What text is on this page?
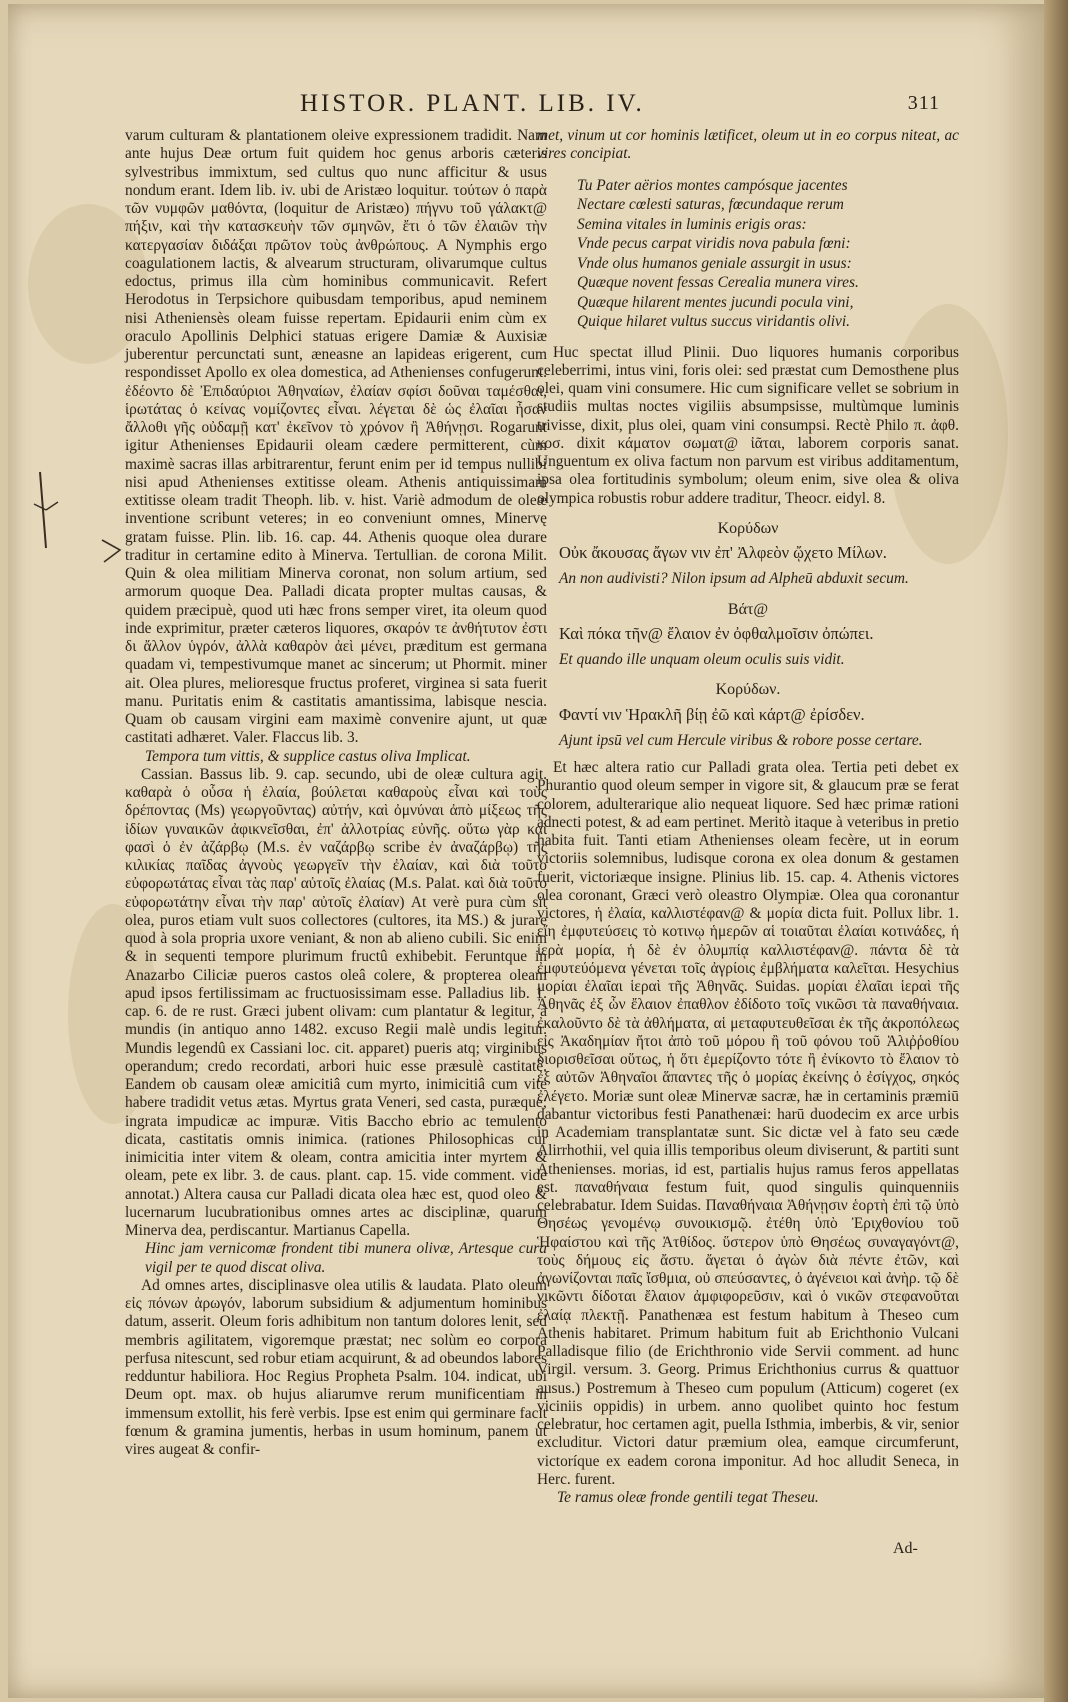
HISTOR. PLANT. LIB. IV.	311

varum culturam & plantationem oleive expressionem tradidit. Nam ante hujus Deæ ortum fuit quidem hoc genus arboris cæteris sylvestribus immixtum, sed cultus quo nunc afficitur & usus nondum erant. Idem lib. iv. ubi de Aristæo loquitur. τούτων ὁ παρὰ τῶν νυμφῶν μαθόντα, (loquitur de Aristæo) πήγνυ τοῦ γάλακτ@ πήξιν, καὶ τὴν κατασκευὴν τῶν σμηνῶν, ἔτι ὁ τῶν ἐλαιῶν τὴν κατεργασίαν διδάξαι πρῶτον τοὺς ἀνθρώπους. A Nymphis ergo coagulationem lactis, & alvearum structuram, olivarumque cultus edoctus, primus illa cùm hominibus communicavit. Refert Herodotus in Terpsichore quibusdam temporibus, apud neminem nisi Atheniensès oleam fuisse repertam. Epidaurii enim cùm ex oraculo Apollinis Delphici statuas erigere Damiæ & Auxisiæ juberentur percunctati sunt, æneasne an lapideas erigerent, cum respondisset Apollo ex olea domestica, ad Athenienses confugerunt. ἐδέοντο δὲ Ἐπιδαύριοι Ἀθηναίων, ἐλαίαν σφίσι δοῦναι ταμέσθαι, ἱρωτάτας ὁ κείνας νομίζοντες εἶναι. λέγεται δὲ ὡς ἐλαῖαι ἦσαν ἄλλοθι γῆς οὐδαμῇ κατ' ἐκεῖνον τὸ χρόνον ἢ Ἀθήνῃσι. Rogarunt igitur Athenienses Epidaurii oleam cædere permitterent, cùm maximè sacras illas arbitrarentur, ferunt enim per id tempus nullibi nisi apud Athenienses extitisse oleam. Athenis antiquissimam extitisse oleam tradit Theoph. lib. v. hist. Variè admodum de oleæ inventione scribunt veteres; in eo conveniunt omnes, Minervę gratam fuisse. Plin. lib. 16. cap. 44. Athenis quoque olea durare traditur in certamine edito à Minerva. Tertullian. de corona Milit. Quin & olea militiam Minerva coronat, non solum artium, sed armorum quoque Dea. Palladi dicata propter multas causas, & quidem præcipuè, quod uti hæc frons semper viret, ita oleum quod inde exprimitur, præter cæteros liquores, σκαρόν τε ἀνθήτυτον ἐστι δι ἄλλον ὑγρόν, ἀλλὰ καθαρὸν ἀεὶ μένει, præditum est germana quadam vi, tempestivumque manet ac sincerum; ut Phormit. miner ait. Olea plures, melioresque fructus proferet, virginea si sata fuerit manu. Puritatis enim & castitatis amantissima, labisque nescia. Quam ob causam virgini eam maximè convenire ajunt, ut quæ castitati adhæret. Valer. Flaccus lib. 3.

Tempora tum vittis, & supplice castus oliva Implicat.

Cassian. Bassus lib. 9. cap. secundo, ubi de oleæ cultura agit. καθαρὰ ὁ οὖσα ἡ ἐλαία, βούλεται καθαροὺς εἶναι καὶ τοὺς δρέποντας (Ms) γεωργοῦντας) αὐτήν, καὶ ὀμνύναι ἀπὸ μίξεως τῆς ἰδίων γυναικῶν ἀφικνεῖσθαι, ἐπ' ἀλλοτρίας εὐνῆς. οὕτω γὰρ καὶ φασὶ ὁ ἐν ἀζάρβῳ (M.s. ἐν ναζάρβῳ scribe ἐν ἀναζάρβῳ) τῆς κιλικίας παῖδας ἀγνοὺς γεωργεῖν τὴν ἐλαίαν, καὶ διὰ τοῦτο εὐφορωτάτας εἶναι τὰς παρ' αὐτοῖς ἐλαίας (M.s. Palat. καὶ διὰ τοῦτο εὐφορωτάτην εἶναι τὴν παρ' αὐτοῖς ἐλαίαν) At verè pura cùm sit olea, puros etiam vult suos collectores (cultores, ita MS.) & jurare quod à sola propria uxore veniant, & non ab alieno cubili. Sic enim & in sequenti tempore plurimum fructû exhibebit. Feruntque in Anazarbo Ciliciæ pueros castos oleâ colere, & propterea oleam apud ipsos fertilissimam ac fructuosissimam esse. Palladius lib. 1. cap. 6. de re rust. Græci jubent olivam: cum plantatur & legitur, à mundis (in antiquo anno 1482. excuso Regii malè undis legitur. Mundis legendû ex Cassiani loc. cit. apparet) pueris atq; virginibus operandum; credo recordati, arbori huic esse præsulè castitatê. Eandem ob causam oleæ amicitiâ cum myrto, inimicitiâ cum vite habere tradidit vetus ætas. Myrtus grata Veneri, sed casta, puræque; ingrata impudicæ ac impuræ. Vitis Baccho ebrio ac temulento dicata, castitatis omnis inimica. (rationes Philosophicas cur inimicitia inter vitem & oleam, contra amicitia inter myrtem & oleam, pete ex libr. 3. de caus. plant. cap. 15. vide comment. vide annotat.) Altera causa cur Palladi dicata olea hæc est, quod oleo & lucernarum lucubrationibus omnes artes ac disciplinæ, quarum Minerva dea, perdiscantur. Martianus Capella.

Hinc jam vernicomæ frondent tibi munera olivæ, Artesque cura vigil per te quod discat oliva.

Ad omnes artes, disciplinasve olea utilis & laudata. Plato oleum εἰς πόνων ἀρωγόν, laborum subsidium & adjumentum hominibus datum, asserit. Oleum foris adhibitum non tantum dolores lenit, sed membris agilitatem, vigoremque præstat; nec solùm eo corpora perfusa nitescunt, sed robur etiam acquirunt, & ad obeundos labores redduntur habiliora. Hoc Regius Propheta Psalm. 104. indicat, ubi Deum opt. max. ob hujus aliarumve rerum munificentiam in immensum extollit, his ferè verbis. Ipse est enim qui germinare facit fœnum & gramina jumentis, herbas in usum hominum, panem ut vires augeat & confir-

met, vinum ut cor hominis lætificet, oleum ut in eo corpus niteat, ac vires concipiat.

Tu Pater aërios montes campósque jacentes
Nectare cœlesti saturas, fœcundaque rerum
Semina vitales in luminis erigis oras:
Vnde pecus carpat viridis nova pabula fœni:
Vnde olus humanos geniale assurgit in usus:
Quæque novent fessas Cerealia munera vires.
Quæque hilarent mentes jucundi pocula vini,
Quique hilaret vultus succus viridantis olivi.

Huc spectat illud Plinii. Duo liquores humanis corporibus celeberrimi, intus vini, foris olei: sed præstat cum Demosthene plus olei, quam vini consumere. Hic cum significare vellet se sobrium in studiis multas noctes vigiliis absumpsisse, multùmque luminis trivisse, dixit, plus olei, quam vini consumpsi. Rectè Philo π. ἀφθ. κοσ. dixit κάματον σωματ@ ἰᾶται, laborem corporis sanat. Unguentum ex oliva factum non parvum est viribus additamentum, ipsa olea fortitudinis symbolum; oleum enim, sive olea & oliva olympica robustis robur addere traditur, Theocr. eidyl. 8.

Κορύδων
Οὐκ ἄκουσας ἄγων νιν ἐπ' Ἀλφεὸν ᾤχετο Μίλων.
An non audivisti? Nilon ipsum ad Alpheū abduxit secum.
Βάτ@
Καὶ πόκα τῆν@ ἔλαιον ἐν ὀφθαλμοῖσιν ὀπώπει.
Et quando ille unquam oleum oculis suis vidit.
Κορύδων.
Φαντί νιν Ἡρακλῆ βίῃ ἐῶ καὶ κάρτ@ ἐρίσδεν.
Ajunt ipsū vel cum Hercule viribus & robore posse certare.

Et hæc altera ratio cur Palladi grata olea. Tertia peti debet ex Phurantio quod oleum semper in vigore sit, & glaucum præ se ferat colorem, adulterarique alio nequeat liquore. Sed hæc primæ rationi adnecti potest, & ad eam pertinet. Meritò itaque à veteribus in pretio habita fuit. Tanti etiam Athenienses oleam fecère, ut in eorum victoriis solemnibus, ludisque corona ex olea donum & gestamen fuerit, victoriæque insigne. Plinius lib. 15. cap. 4. Athenis victores olea coronant, Græci verò oleastro Olympiæ. Olea qua coronantur victores, ἡ ἐλαία, καλλιστέφαν@ & μορία dicta fuit. Pollux libr. 1. εἴη ἐμφυτεύσεις τὸ κοτινῳ ἡμερῶν αἱ τοιαῦται ἐλαίαι κοτινάδες, ἡ ἱερὰ μορία, ἡ δὲ ἐν ὀλυμπίᾳ καλλιστέφαν@. πάντα δὲ τὰ ἐμφυτεύόμενα γένεται τοῖς ἀγρίοις ἐμβλήματα καλεῖται. Hesychius μορίαι ἐλαῖαι ἱεραὶ τῆς Ἀθηνᾶς. Suidas. μορίαι ἐλαῖαι ἱεραὶ τῆς Ἀθηνᾶς ἐξ ὧν ἔλαιον ἐπαθλον ἐδίδοτο τοῖς νικῶσι τὰ παναθήναια. ἐκαλοῦντο δὲ τὰ ἀθλήματα, αἱ μεταφυτευθεῖσαι ἐκ τῆς ἀκροπόλεως εἰς Ἀκαδημίαν ἤτοι ἀπὸ τοῦ μόρου ἢ τοῦ φόνου τοῦ Ἁλιῤῥοθίου διορισθεῖσαι οὕτως, ἡ ὅτι ἐμερίζοντο τότε ἢ ἐνίκοντο τὸ ἔλαιον τὸ ἐξ αὐτῶν Ἀθηναῖοι ἅπαντες τῆς ὁ μορίας ἐκείνης ὁ ἐσίγχος, σηκός ἐλέγετο. Moriæ sunt oleæ Minervæ sacræ, hæ in certaminis præmiū dabantur victoribus festi Panathenæi: harū duodecim ex arce urbis in Academiam transplantatæ sunt. Sic dictæ vel à fato seu cæde Alirrhothii, vel quia illis temporibus oleum diviserunt, & partiti sunt Athenienses. morias, id est, partialis hujus ramus feros appellatas est. παναθήναια festum fuit, quod singulis quinquenniis celebrabatur. Idem Suidas. Παναθήναια Ἀθήνῃσιν ἑορτὴ ἐπὶ τῷ ὑπὸ Θησέως γενομένῳ συνοικισμῷ. ἐτέθη ὑπὸ Ἐριχθονίου τοῦ Ἡφαίστου καὶ τῆς Ἀτθίδος. ὕστερον ὑπὸ Θησέως συναγαγόντ@, τοὺς δήμους εἰς ἄστυ. ἄγεται ὁ ἀγὼν διὰ πέντε ἐτῶν, καὶ ἀγωνίζονται παῖς ἴσθμια, οὐ σπεύσαντες, ὁ ἀγένειοι καὶ ἀνὴρ. τῷ δὲ νικῶντι δίδοται ἔλαιον ἀμφιφορεῦσιν, καὶ ὁ νικῶν στεφανοῦται ἐλαίᾳ πλεκτῇ. Panathenæa est festum habitum à Theseo cum Athenis habitaret. Primum habitum fuit ab Erichthonio Vulcani Palladisque filio (de Erichthronio vide Servii comment. ad hunc Virgil. versum. 3. Georg. Primus Erichthonius currus & quattuor ausus.) Postremum à Theseo cum populum (Atticum) cogeret (ex viciniis oppidis) in urbem. anno quolibet quinto hoc festum celebratur, hoc certamen agit, puella Isthmia, imberbis, & vir, senior excluditur. Victori datur præmium olea, eamque circumferunt, victoríque ex eadem corona imponitur. Ad hoc alludit Seneca, in Herc. furent.

Te ramus oleæ fronde gentili tegat Theseu.

Ad-
